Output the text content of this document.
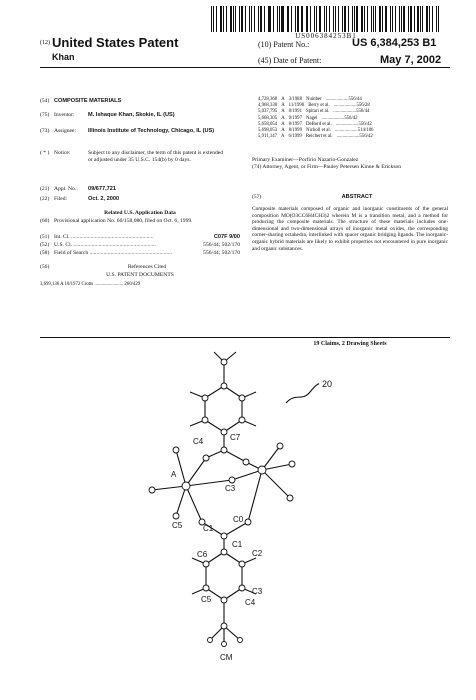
US006384253B1
(12) United States Patent
Khan
(10) Patent No.:	US 6,384,253 B1
(45) Date of Patent:	May 7, 2002
(54) COMPOSITE MATERIALS
(75) Inventor: M. Ishaque Khan, Skokie, IL (US)
(73) Assignee:	Illinois Institute of Technology, Chicago, IL (US)
( * ) Notice:	Subject to any disclaimer, the term of this patent is extended or adjusted under 35 U.S.C. 154(b) by 0 days.
(21) Appl. No.: 09/677,721
(22) Filed:	Oct. 2, 2000
Related U.S. Application Data
(60) Provisional application No. 60/158,080, filed on Oct. 6, 1999.
(51) Int. Cl. ...........................................................	C07F 9/00
(52) U.S. Cl. ...........................................................	556/44; 502/170
(58) Field of Search ...........................................................	556/44; 502/170
(56)	References Cited
U.S. PATENT DOCUMENTS
3,699,136 A 10/1972 Crotts ........................ 260/429
4,728,368 A 3/1988 Nuinber ...................556/44
4,968,330 A 11/1990 Berry et al. ...................556/28
5,037,795 A 8/1991 Spitari et al. ...................556/44
5,668,305 A 9/1997 Nagel ...................556/42
5,658,054 A 8/1997 DeBord et al. ...................556/42
5,698,053 A 8/1999 Nicholl et al. ...................514/186
5,911,147 A 6/1999 Reichert et al. ...................556/42
Primary Examiner—Porfirio Nazario-Gonzalez
(74) Attorney, Agent, or Firm—Pauley Petersen Kinne & Erickson
(57)	ABSTRACT
Composite materials composed of organic and inorganic constituents of the general composition MO(O3CC6H4CH3)2 wherein M is a transition metal, and a method for producing the composite materials. The structure of these materials includes one-dimensional and two-dimensional arrays of inorganic metal oxides, the corresponding corner-sharing octahedra, interlinked with spacer organic bridging ligands. The inorganic-organic hybrid materials are likely to exhibit properties not encountered in pure inorganic and organic substances.
19 Claims, 2 Drawing Sheets
A
C4	C7
C3
C5	C1
C0
C1
C6	C2
C5	C4
C3
CM
20
